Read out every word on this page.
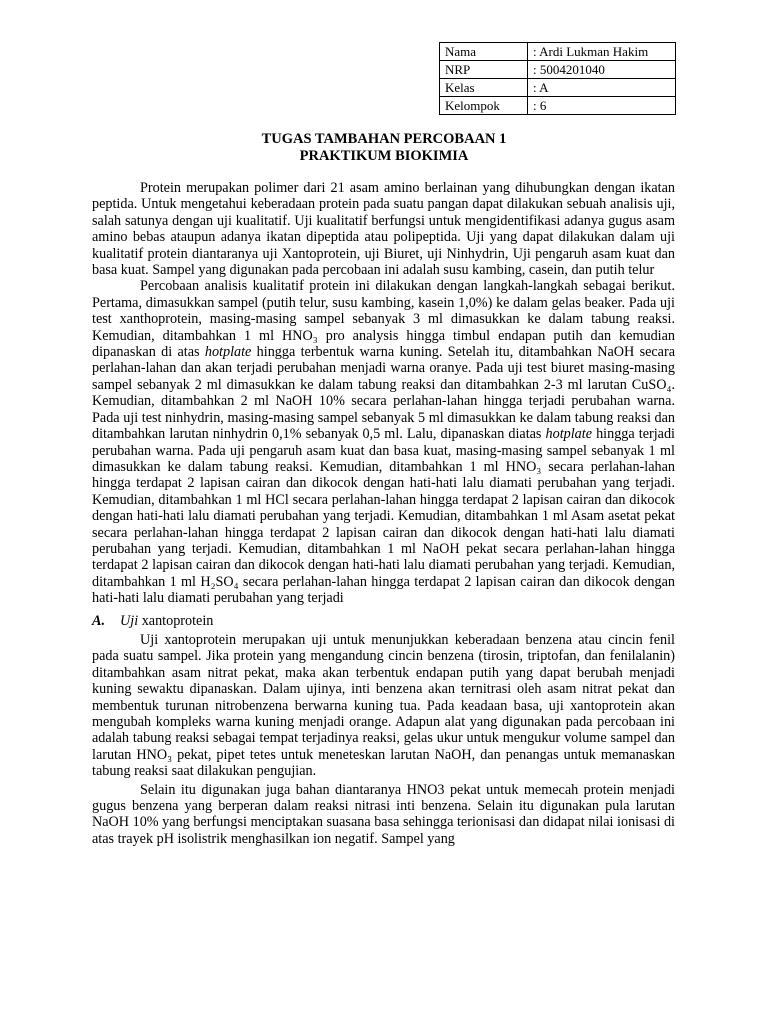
Nama	: Ardi Lukman Hakim
NRP	: 5004201040
Kelas	: A
Kelompok	: 6
TUGAS TAMBAHAN PERCOBAAN 1
PRAKTIKUM BIOKIMIA

Protein merupakan polimer dari 21 asam amino berlainan yang dihubungkan dengan ikatan peptida. Untuk mengetahui keberadaan protein pada suatu pangan dapat dilakukan sebuah analisis uji, salah satunya dengan uji kualitatif. Uji kualitatif berfungsi untuk mengidentifikasi adanya gugus asam amino bebas ataupun adanya ikatan dipeptida atau polipeptida. Uji yang dapat dilakukan dalam uji kualitatif protein diantaranya uji Xantoprotein, uji Biuret, uji Ninhydrin, Uji pengaruh asam kuat dan basa kuat. Sampel yang digunakan pada percobaan ini adalah susu kambing, casein, dan putih telur

Percobaan analisis kualitatif protein ini dilakukan dengan langkah-langkah sebagai berikut. Pertama, dimasukkan sampel (putih telur, susu kambing, kasein 1,0%) ke dalam gelas beaker. Pada uji test xanthoprotein, masing-masing sampel sebanyak 3 ml dimasukkan ke dalam tabung reaksi. Kemudian, ditambahkan 1 ml HNO₃ pro analysis hingga timbul endapan putih dan kemudian dipanaskan di atas hotplate hingga terbentuk warna kuning. Setelah itu, ditambahkan NaOH secara perlahan-lahan dan akan terjadi perubahan menjadi warna oranye. Pada uji test biuret masing-masing sampel sebanyak 2 ml dimasukkan ke dalam tabung reaksi dan ditambahkan 2-3 ml larutan CuSO₄. Kemudian, ditambahkan 2 ml NaOH 10% secara perlahan-lahan hingga terjadi perubahan warna. Pada uji test ninhydrin, masing-masing sampel sebanyak 5 ml dimasukkan ke dalam tabung reaksi dan ditambahkan larutan ninhydrin 0,1% sebanyak 0,5 ml. Lalu, dipanaskan diatas hotplate hingga terjadi perubahan warna. Pada uji pengaruh asam kuat dan basa kuat, masing-masing sampel sebanyak 1 ml dimasukkan ke dalam tabung reaksi. Kemudian, ditambahkan 1 ml HNO₃ secara perlahan-lahan hingga terdapat 2 lapisan cairan dan dikocok dengan hati-hati lalu diamati perubahan yang terjadi. Kemudian, ditambahkan 1 ml HCl secara perlahan-lahan hingga terdapat 2 lapisan cairan dan dikocok dengan hati-hati lalu diamati perubahan yang terjadi. Kemudian, ditambahkan 1 ml Asam asetat pekat secara perlahan-lahan hingga terdapat 2 lapisan cairan dan dikocok dengan hati-hati lalu diamati perubahan yang terjadi. Kemudian, ditambahkan 1 ml NaOH pekat secara perlahan-lahan hingga terdapat 2 lapisan cairan dan dikocok dengan hati-hati lalu diamati perubahan yang terjadi. Kemudian, ditambahkan 1 ml H₂SO₄ secara perlahan-lahan hingga terdapat 2 lapisan cairan dan dikocok dengan hati-hati lalu diamati perubahan yang terjadi

A. Uji xantoprotein

Uji xantoprotein merupakan uji untuk menunjukkan keberadaan benzena atau cincin fenil pada suatu sampel. Jika protein yang mengandung cincin benzena (tirosin, triptofan, dan fenilalanin) ditambahkan asam nitrat pekat, maka akan terbentuk endapan putih yang dapat berubah menjadi kuning sewaktu dipanaskan. Dalam ujinya, inti benzena akan ternitrasi oleh asam nitrat pekat dan membentuk turunan nitrobenzena berwarna kuning tua. Pada keadaan basa, uji xantoprotein akan mengubah kompleks warna kuning menjadi orange. Adapun alat yang digunakan pada percobaan ini adalah tabung reaksi sebagai tempat terjadinya reaksi, gelas ukur untuk mengukur volume sampel dan larutan HNO₃ pekat, pipet tetes untuk meneteskan larutan NaOH, dan penangas untuk memanaskan tabung reaksi saat dilakukan pengujian.

Selain itu digunakan juga bahan diantaranya HNO3 pekat untuk memecah protein menjadi gugus benzena yang berperan dalam reaksi nitrasi inti benzena. Selain itu digunakan pula larutan NaOH 10% yang berfungsi menciptakan suasana basa sehingga terionisasi dan didapat nilai ionisasi di atas trayek pH isolistrik menghasilkan ion negatif. Sampel yang
